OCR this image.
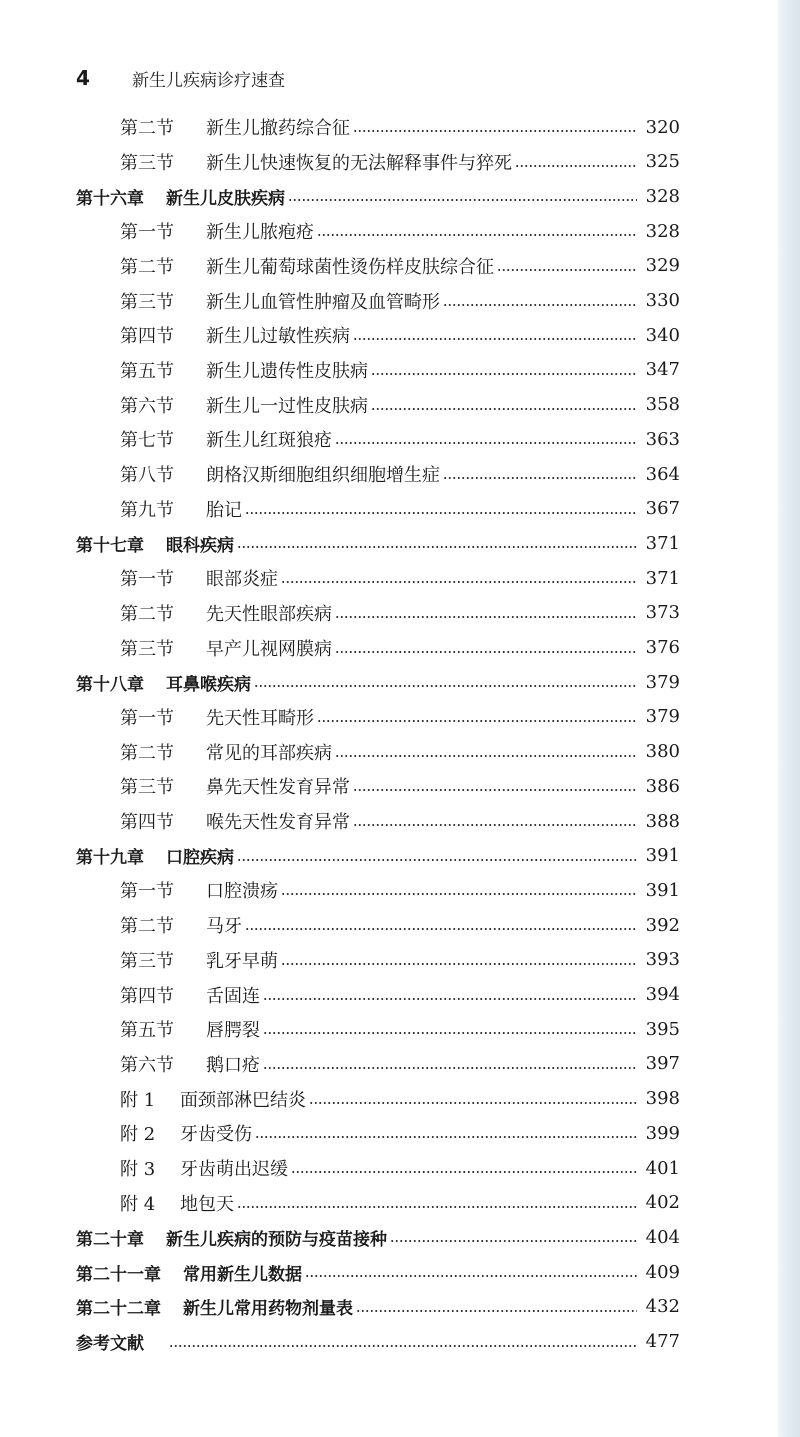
4	新生儿疾病诊疗速查
第二节	新生儿撤药综合征	320
第三节	新生儿快速恢复的无法解释事件与猝死	325
第十六章 新生儿皮肤疾病	328
第一节	新生儿脓疱疮	328
第二节	新生儿葡萄球菌性烫伤样皮肤综合征	329
第三节	新生儿血管性肿瘤及血管畸形	330
第四节	新生儿过敏性疾病	340
第五节	新生儿遗传性皮肤病	347
第六节	新生儿一过性皮肤病	358
第七节	新生儿红斑狼疮	363
第八节	朗格汉斯细胞组织细胞增生症	364
第九节	胎记	367
第十七章 眼科疾病	371
第一节	眼部炎症	371
第二节	先天性眼部疾病	373
第三节	早产儿视网膜病	376
第十八章 耳鼻喉疾病	379
第一节	先天性耳畸形	379
第二节	常见的耳部疾病	380
第三节	鼻先天性发育异常	386
第四节	喉先天性发育异常	388
第十九章 口腔疾病	391
第一节	口腔溃疡	391
第二节	马牙	392
第三节	乳牙早萌	393
第四节	舌固连	394
第五节	唇腭裂	395
第六节	鹅口疮	397
附 1	面颈部淋巴结炎	398
附 2	牙齿受伤	399
附 3	牙齿萌出迟缓	401
附 4	地包天	402
第二十章 新生儿疾病的预防与疫苗接种	404
第二十一章 常用新生儿数据	409
第二十二章 新生儿常用药物剂量表	432
参考文献	477
